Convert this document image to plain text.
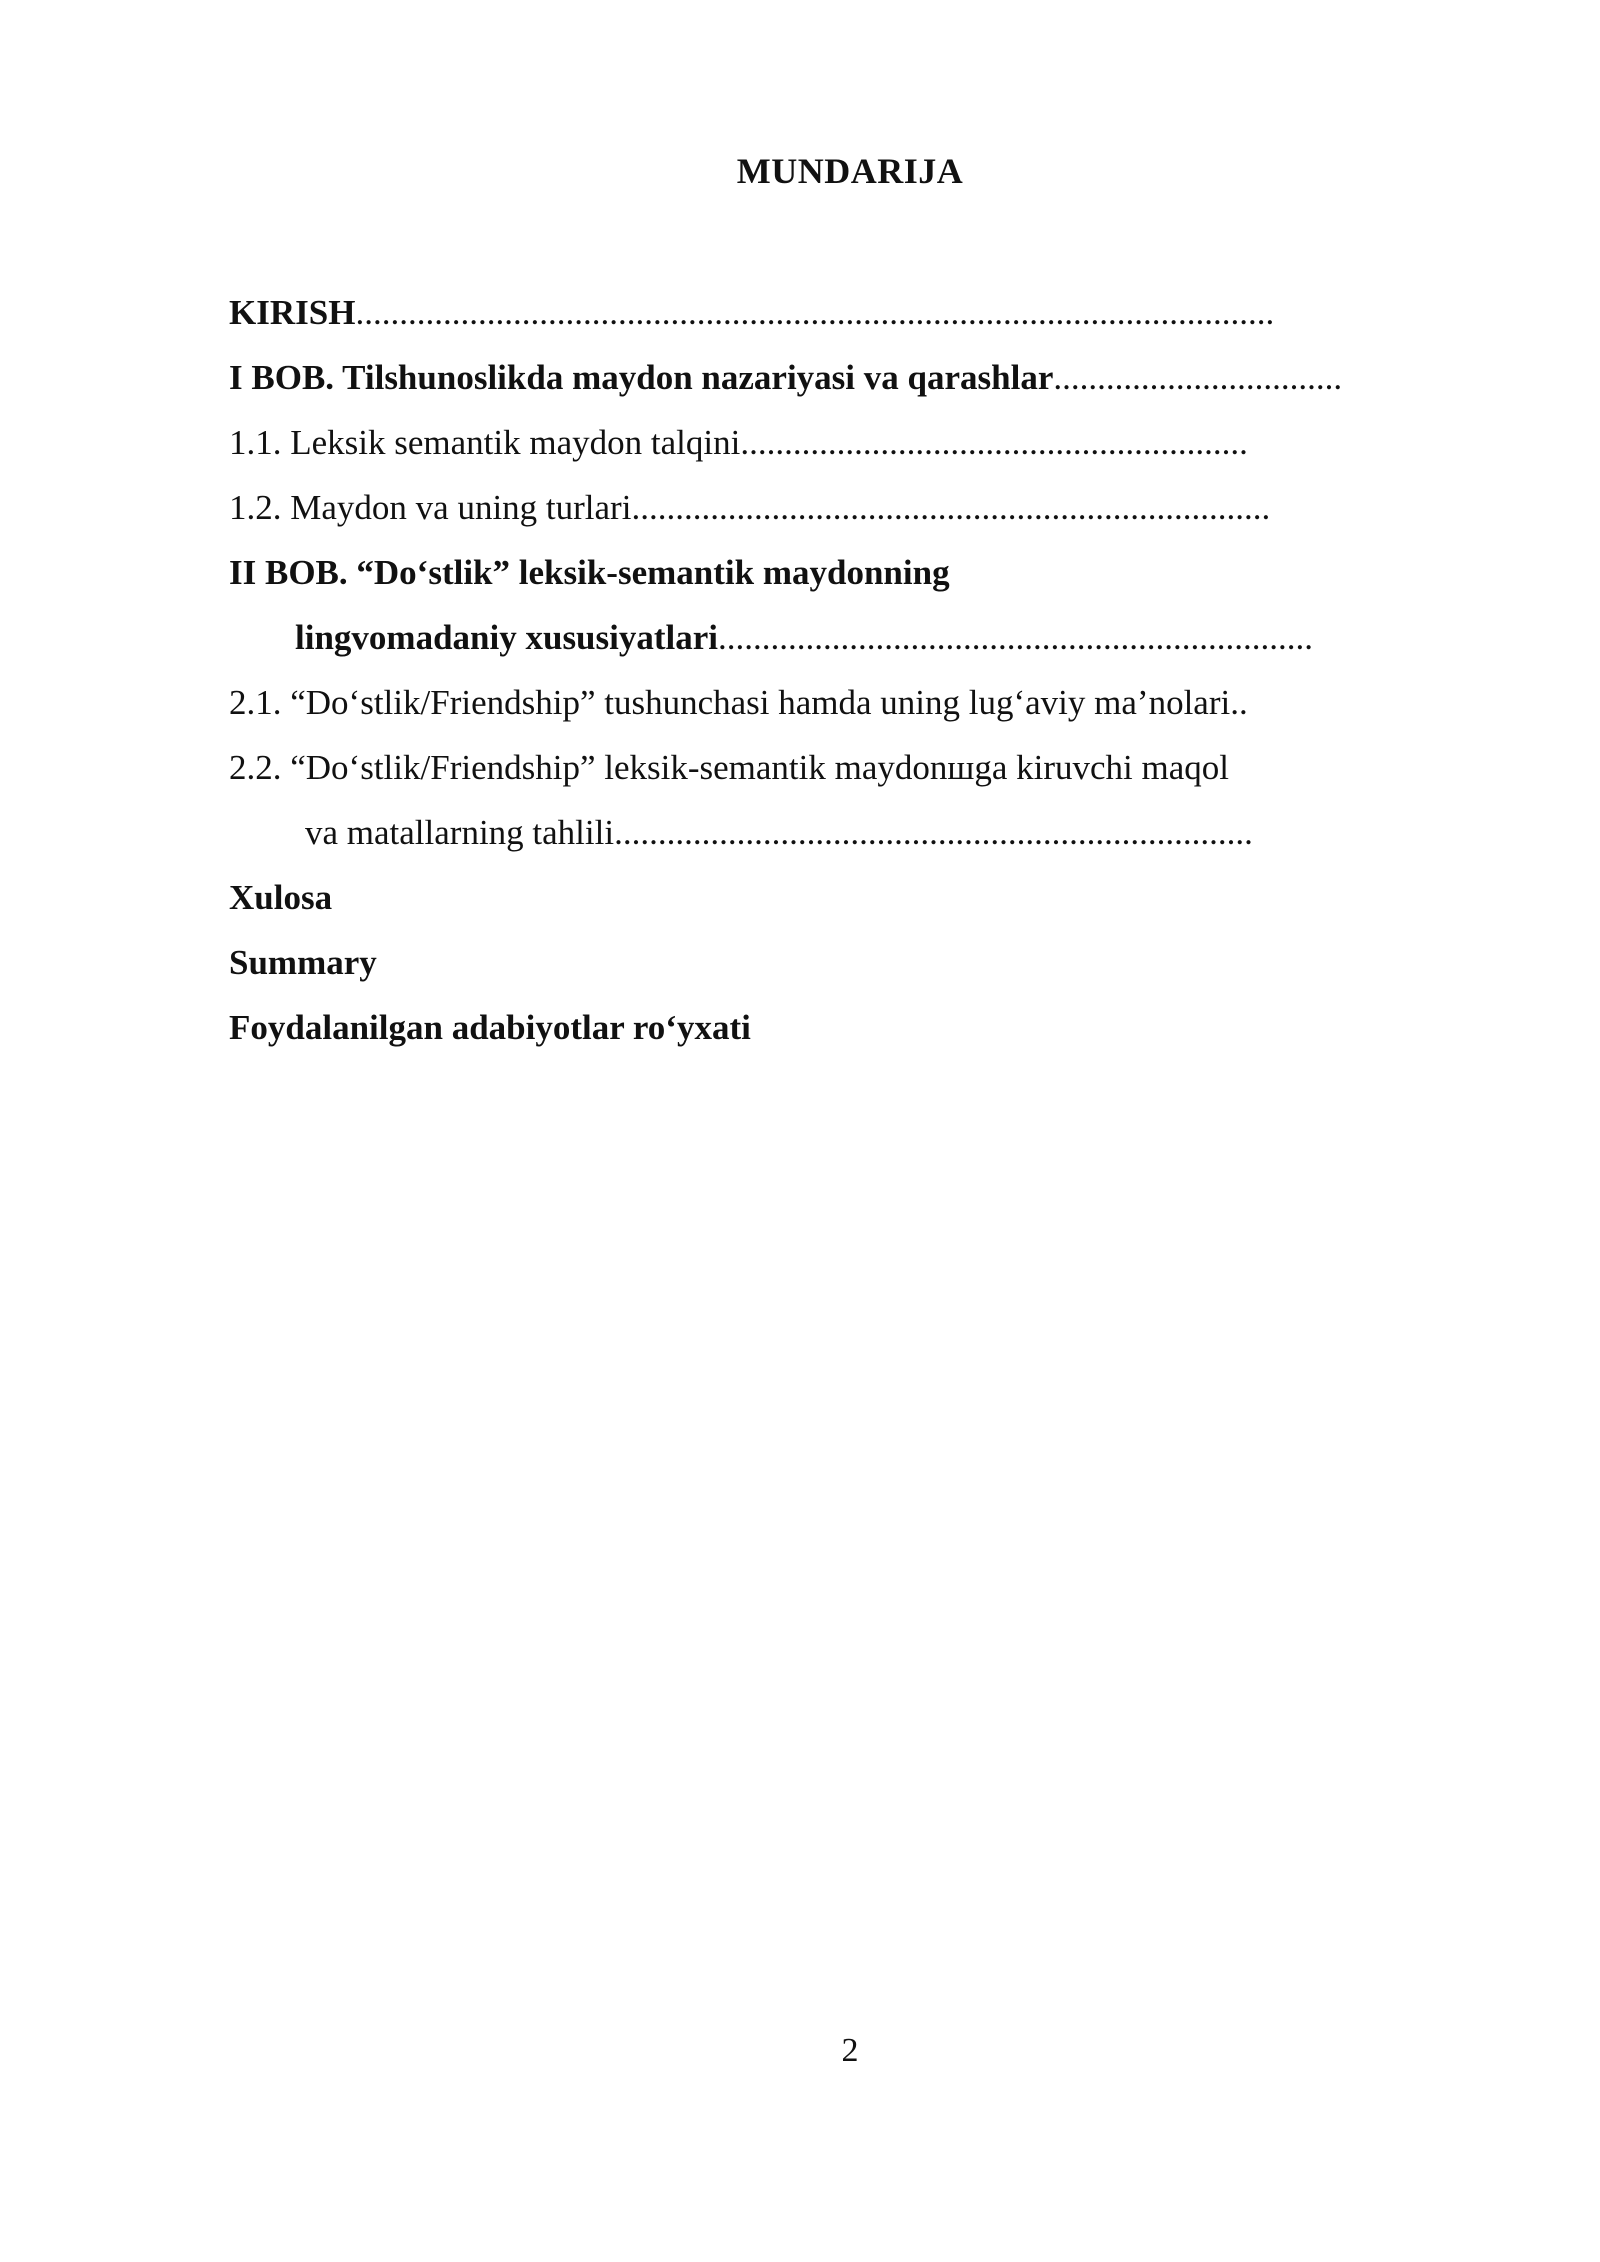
MUNDARIJA
KIRISH.........................................................................................................
I BOB. Tilshunoslikda maydon nazariyasi va qarashlar.................................
1.1. Leksik semantik maydon talqini..........................................................
1.2. Maydon va uning turlari.........................................................................
II BOB. “Do‘stlik” leksik-semantik maydonning
lingvomadaniy xususiyatlari....................................................................
2.1. “Do‘stlik/Friendship” tushunchasi hamda uning lug‘aviy ma’nolari..
2.2. “Do‘stlik/Friendship” leksik-semantik maydonшga kiruvchi maqol
va matallarning tahlili.........................................................................
Xulosa
Summary
Foydalanilgan adabiyotlar ro‘yxati
2
